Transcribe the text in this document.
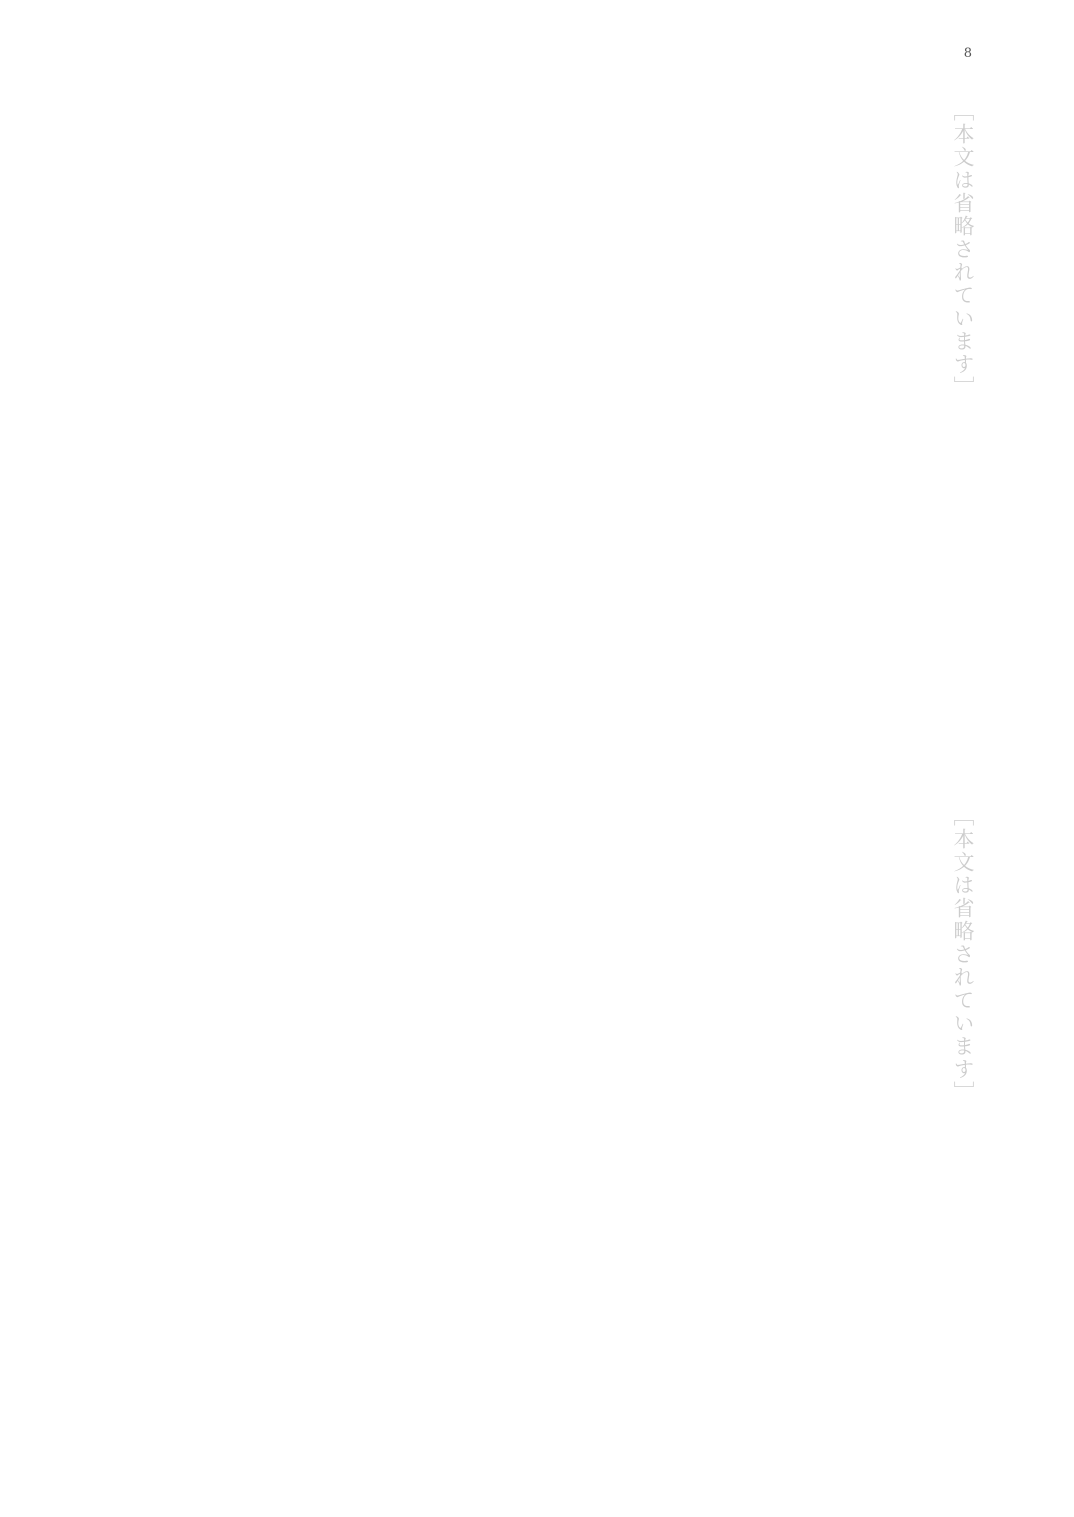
8

［本文は省略されています］

［本文は省略されています］
